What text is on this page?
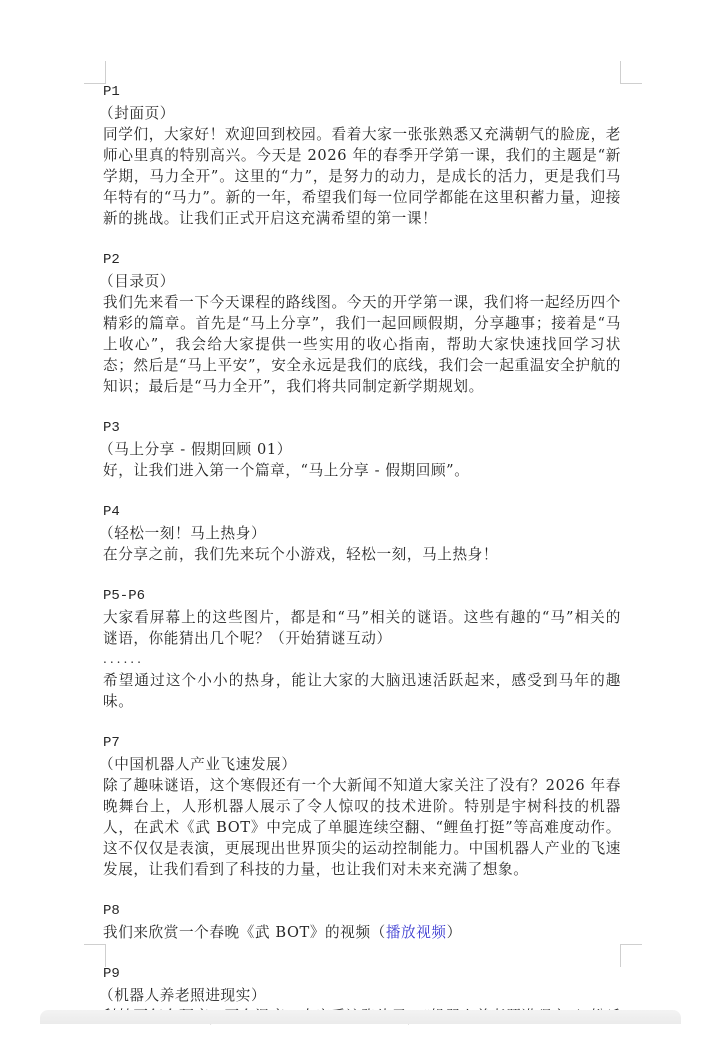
P1

（封面页）

同学们，大家好！欢迎回到校园。看着大家一张张熟悉又充满朝气的脸庞，老师心里真的特别高兴。今天是 2026 年的春季开学第一课，我们的主题是“新学期，马力全开”。这里的“力”，是努力的动力，是成长的活力，更是我们马年特有的“马力”。新的一年，希望我们每一位同学都能在这里积蓄力量，迎接新的挑战。让我们正式开启这充满希望的第一课！

P2

（目录页）

我们先来看一下今天课程的路线图。今天的开学第一课，我们将一起经历四个精彩的篇章。首先是“马上分享”，我们一起回顾假期，分享趣事；接着是“马上收心”，我会给大家提供一些实用的收心指南，帮助大家快速找回学习状态；然后是“马上平安”，安全永远是我们的底线，我们会一起重温安全护航的知识；最后是“马力全开”，我们将共同制定新学期规划。

P3

（马上分享 - 假期回顾 01）

好，让我们进入第一个篇章，“马上分享 - 假期回顾”。

P4

（轻松一刻！马上热身）

在分享之前，我们先来玩个小游戏，轻松一刻，马上热身！

P5-P6

大家看屏幕上的这些图片，都是和“马”相关的谜语。这些有趣的“马”相关的谜语，你能猜出几个呢？（开始猜谜互动）

......

希望通过这个小小的热身，能让大家的大脑迅速活跃起来，感受到马年的趣味。

P7

（中国机器人产业飞速发展）

除了趣味谜语，这个寒假还有一个大新闻不知道大家关注了没有？2026 年春晚舞台上，人形机器人展示了令人惊叹的技术进阶。特别是宇树科技的机器人，在武术《武 BOT》中完成了单腿连续空翻、“鲤鱼打挺”等高难度动作。这不仅仅是表演，更展现出世界顶尖的运动控制能力。中国机器人产业的飞速发展，让我们看到了科技的力量，也让我们对未来充满了想象。

P8

我们来欣赏一个春晚《武 BOT》的视频（播放视频）

P9

（机器人养老照进现实）
